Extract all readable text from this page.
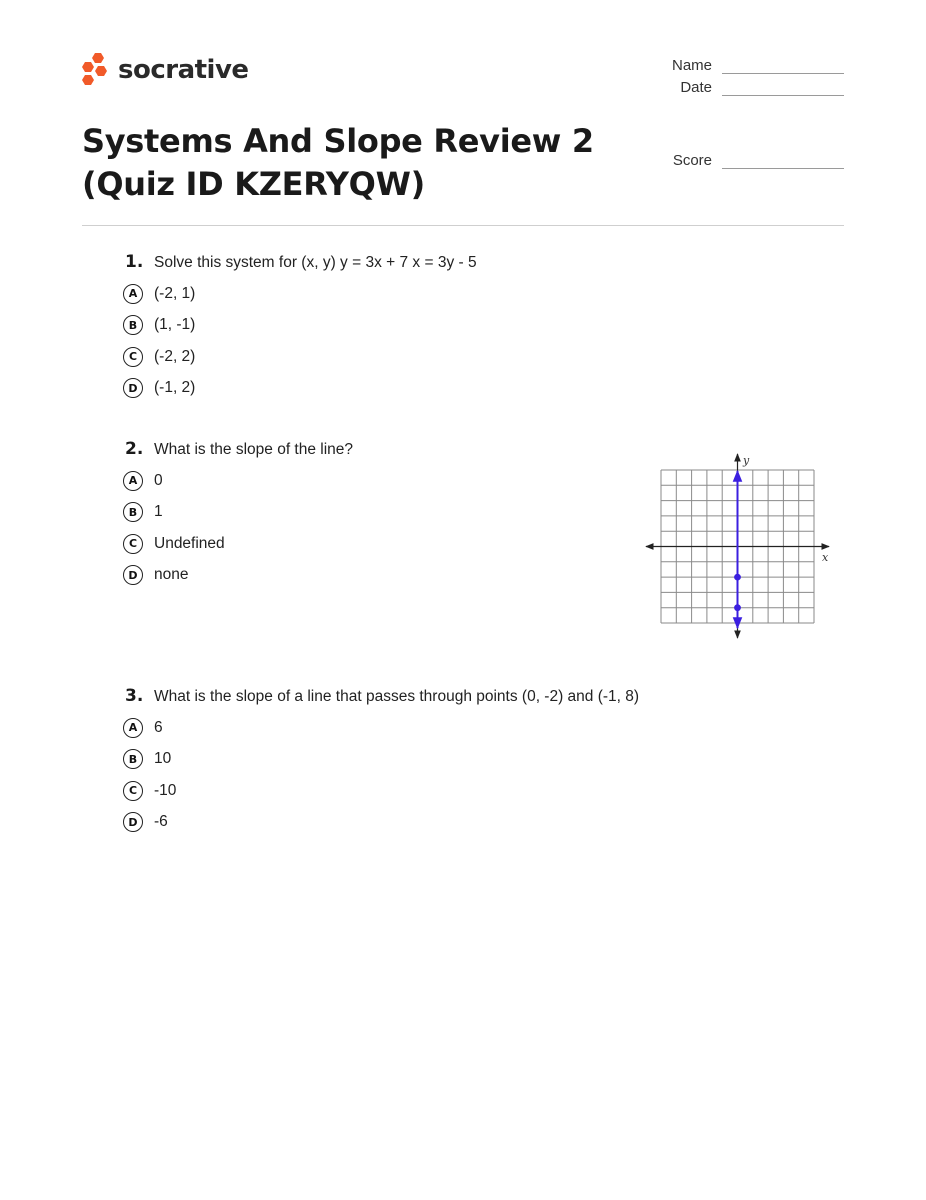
socrative	Name
Date
Score
Systems And Slope Review 2
(Quiz ID KZERYQW)
1. Solve this system for (x, y) y = 3x + 7 x = 3y - 5
A	(-2, 1)
B	(1, -1)
C	(-2, 2)
D	(-1, 2)
2. What is the slope of the line?
A	0
B	1
C	Undefined
D	none
x
y
3. What is the slope of a line that passes through points (0, -2) and (-1, 8)
A	6
B	10
C	-10
D	-6
